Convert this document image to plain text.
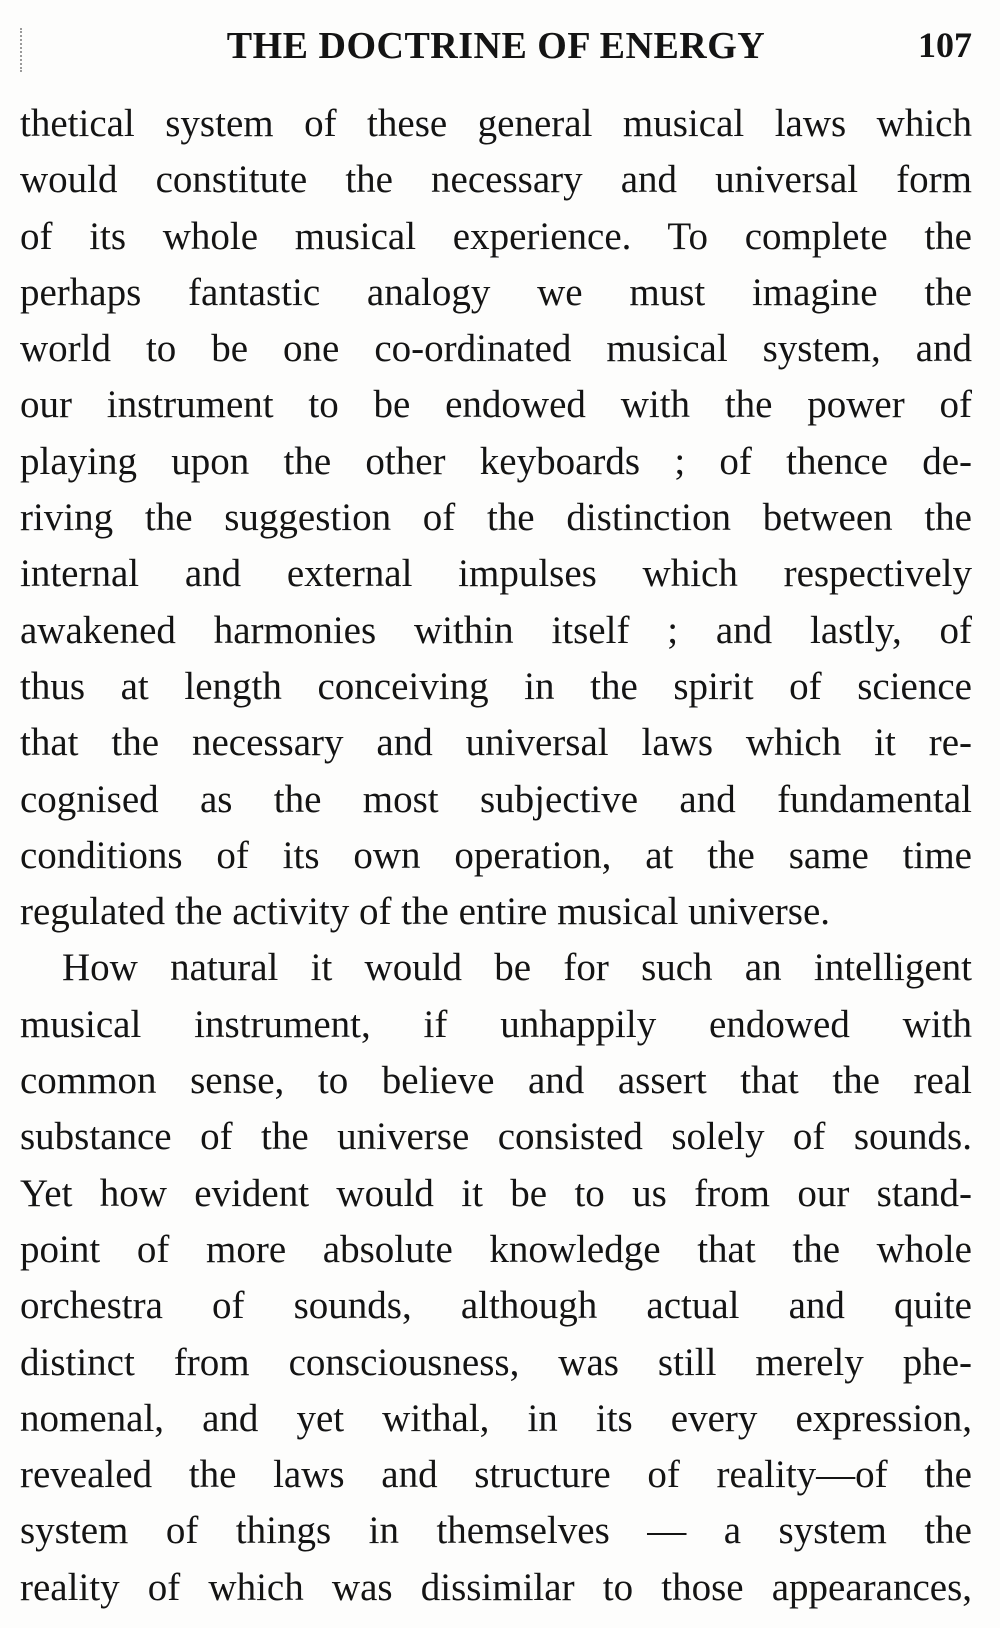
THE DOCTRINE OF ENERGY	107
thetical system of these general musical laws which
would constitute the necessary and universal form
of its whole musical experience. To complete the
perhaps fantastic analogy we must imagine the
world to be one co-ordinated musical system, and
our instrument to be endowed with the power of
playing upon the other keyboards ; of thence de-
riving the suggestion of the distinction between the
internal and external impulses which respectively
awakened harmonies within itself ; and lastly, of
thus at length conceiving in the spirit of science
that the necessary and universal laws which it re-
cognised as the most subjective and fundamental
conditions of its own operation, at the same time
regulated the activity of the entire musical universe.
How natural it would be for such an intelligent
musical instrument, if unhappily endowed with
common sense, to believe and assert that the real
substance of the universe consisted solely of sounds.
Yet how evident would it be to us from our stand-
point of more absolute knowledge that the whole
orchestra of sounds, although actual and quite
distinct from consciousness, was still merely phe-
nomenal, and yet withal, in its every expression,
revealed the laws and structure of reality—of the
system of things in themselves — a system the
reality of which was dissimilar to those appearances,
